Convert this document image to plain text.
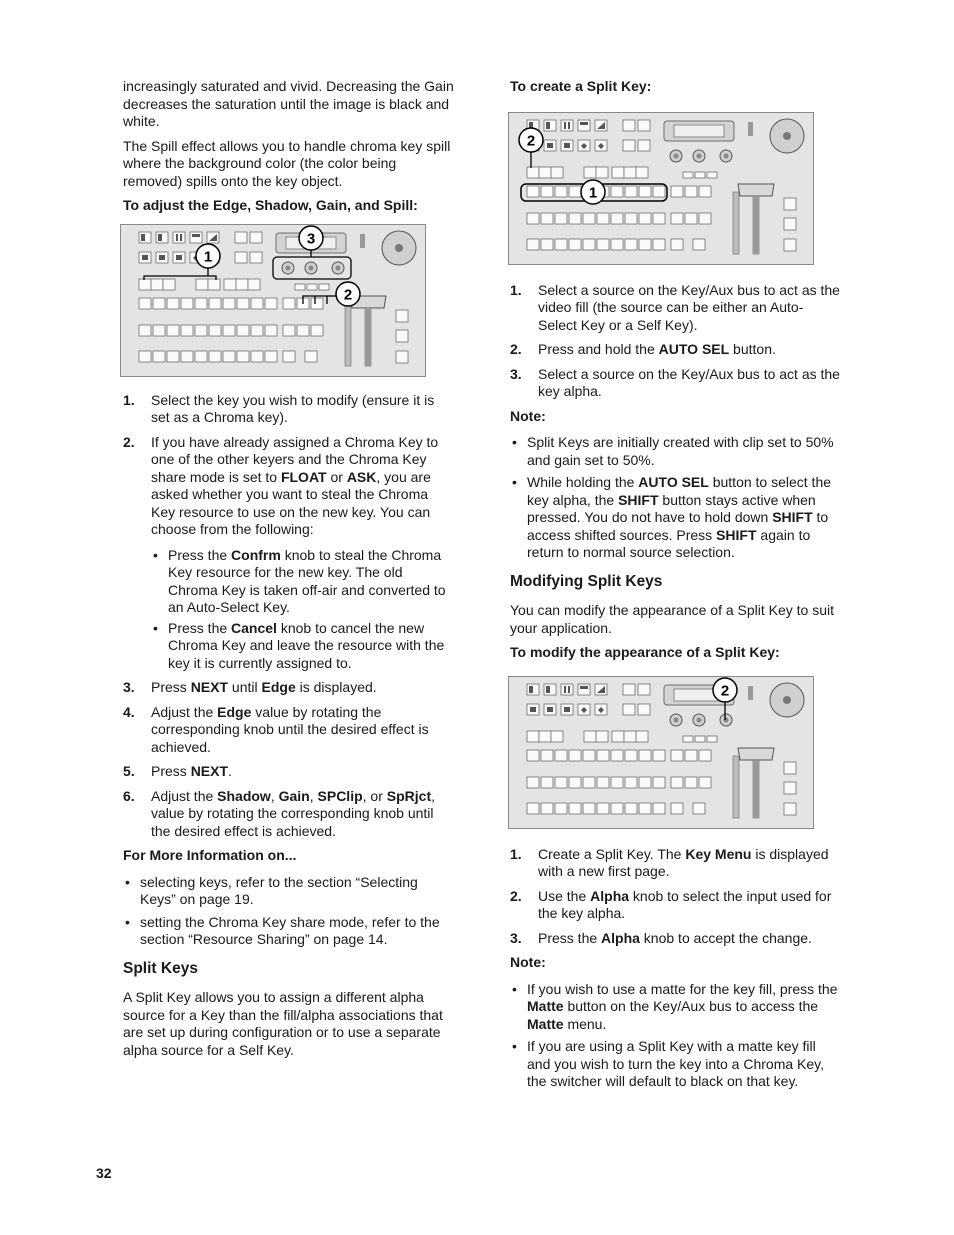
increasingly saturated and vivid. Decreasing the Gain decreases the saturation until the image is black and white.

The Spill effect allows you to handle chroma key spill where the background color (the color being removed) spills onto the key object.

To adjust the Edge, Shadow, Gain, and Spill:

1
3
2
1. Select the key you wish to modify (ensure it is set as a Chroma key).
2. If you have already assigned a Chroma Key to one of the other keyers and the Chroma Key share mode is set to FLOAT or ASK, you are asked whether you want to steal the Chroma Key resource to use on the new key. You can choose from the following:
• Press the Confrm knob to steal the Chroma Key resource for the new key. The old Chroma Key is taken off-air and converted to an Auto-Select Key.
• Press the Cancel knob to cancel the new Chroma Key and leave the resource with the key it is currently assigned to.
3. Press NEXT until Edge is displayed.
4. Adjust the Edge value by rotating the corresponding knob until the desired effect is achieved.
5. Press NEXT.
6. Adjust the Shadow, Gain, SPClip, or SpRjct, value by rotating the corresponding knob until the desired effect is achieved.

For More Information on...

• selecting keys, refer to the section “Selecting Keys” on page 19.
• setting the Chroma Key share mode, refer to the section “Resource Sharing” on page 14.
Split Keys

A Split Key allows you to assign a different alpha source for a Key than the fill/alpha associations that are set up during configuration or to use a separate alpha source for a Self Key.

To create a Split Key:

2
1
1. Select a source on the Key/Aux bus to act as the video fill (the source can be either an Auto-Select Key or a Self Key).
2. Press and hold the AUTO SEL button.
3. Select a source on the Key/Aux bus to act as the key alpha.

Note:

• Split Keys are initially created with clip set to 50% and gain set to 50%.
• While holding the AUTO SEL button to select the key alpha, the SHIFT button stays active when pressed. You do not have to hold down SHIFT to access shifted sources. Press SHIFT again to return to normal source selection.
Modifying Split Keys

You can modify the appearance of a Split Key to suit your application.

To modify the appearance of a Split Key:

2
1. Create a Split Key. The Key Menu is displayed with a new first page.
2. Use the Alpha knob to select the input used for the key alpha.
3. Press the Alpha knob to accept the change.

Note:

• If you wish to use a matte for the key fill, press the Matte button on the Key/Aux bus to access the Matte menu.
• If you are using a Split Key with a matte key fill and you wish to turn the key into a Chroma Key, the switcher will default to black on that key.
32
